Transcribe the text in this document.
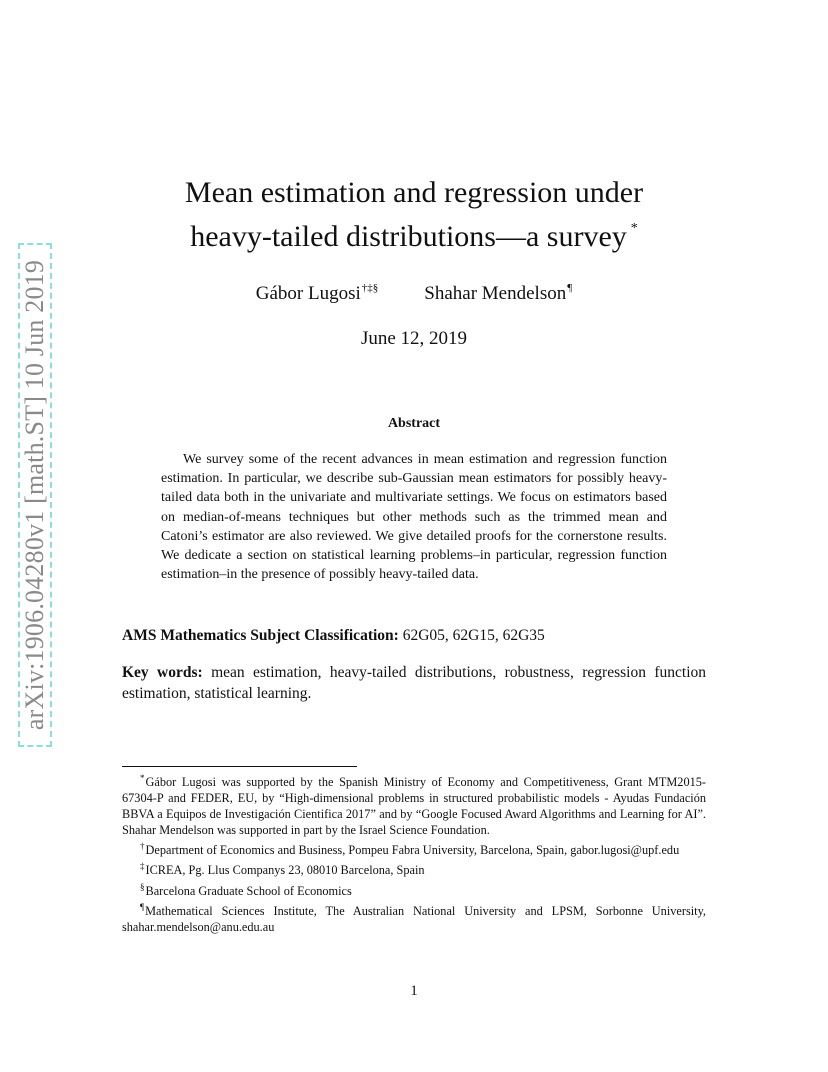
arXiv:1906.04280v1 [math.ST] 10 Jun 2019
Mean estimation and regression under
heavy-tailed distributions—a survey *
Gábor Lugosi†‡§ Shahar Mendelson¶
June 12, 2019
Abstract

We survey some of the recent advances in mean estimation and regression function estimation. In particular, we describe sub-Gaussian mean estimators for possibly heavy-tailed data both in the univariate and multivariate settings. We focus on estimators based on median-of-means techniques but other methods such as the trimmed mean and Catoni’s estimator are also reviewed. We give detailed proofs for the cornerstone results. We dedicate a section on statistical learning problems–in particular, regression function estimation–in the presence of possibly heavy-tailed data.

AMS Mathematics Subject Classification: 62G05, 62G15, 62G35

Key words: mean estimation, heavy-tailed distributions, robustness, regression function estimation, statistical learning.

*Gábor Lugosi was supported by the Spanish Ministry of Economy and Competitiveness, Grant MTM2015-67304-P and FEDER, EU, by “High-dimensional problems in structured probabilistic models - Ayudas Fundación BBVA a Equipos de Investigación Cientifica 2017” and by “Google Focused Award Algorithms and Learning for AI”. Shahar Mendelson was supported in part by the Israel Science Foundation.

†Department of Economics and Business, Pompeu Fabra University, Barcelona, Spain, gabor.lugosi@upf.edu

‡ICREA, Pg. Llus Companys 23, 08010 Barcelona, Spain

§Barcelona Graduate School of Economics

¶Mathematical Sciences Institute, The Australian National University and LPSM, Sorbonne University, shahar.mendelson@anu.edu.au

1
